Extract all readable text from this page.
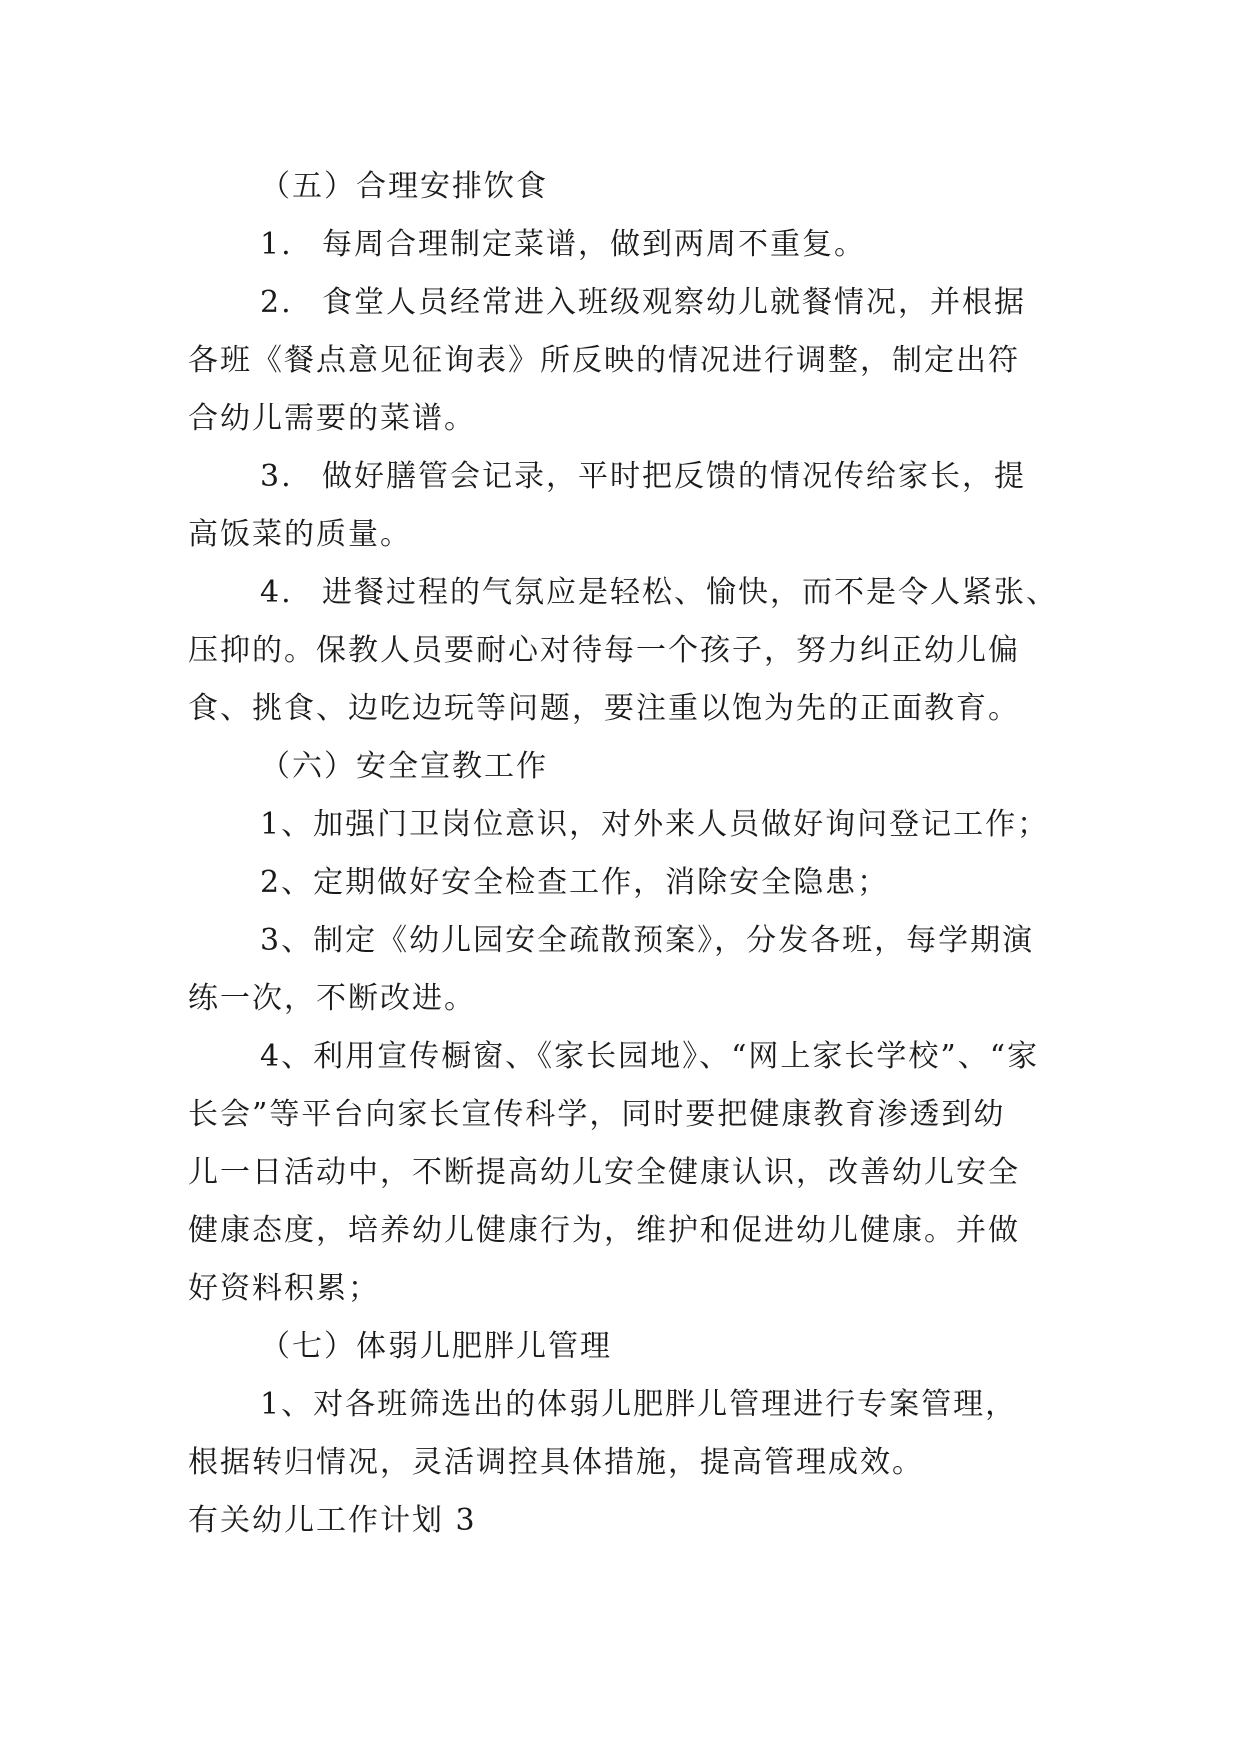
（五）合理安排饮食
1. 每周合理制定菜谱，做到两周不重复。
2. 食堂人员经常进入班级观察幼儿就餐情况，并根据
各班《餐点意见征询表》所反映的情况进行调整，制定出符
合幼儿需要的菜谱。
3. 做好膳管会记录，平时把反馈的情况传给家长，提
高饭菜的质量。
4. 进餐过程的气氛应是轻松、愉快，而不是令人紧张、
压抑的。保教人员要耐心对待每一个孩子，努力纠正幼儿偏
食、挑食、边吃边玩等问题，要注重以饱为先的正面教育。
（六）安全宣教工作
1、加强门卫岗位意识，对外来人员做好询问登记工作；
2、定期做好安全检查工作，消除安全隐患；
3、制定《幼儿园安全疏散预案》，分发各班，每学期演
练一次，不断改进。
4、利用宣传橱窗、《家长园地》、“网上家长学校”、“家
长会”等平台向家长宣传科学，同时要把健康教育渗透到幼
儿一日活动中，不断提高幼儿安全健康认识，改善幼儿安全
健康态度，培养幼儿健康行为，维护和促进幼儿健康。并做
好资料积累；
（七）体弱儿肥胖儿管理
1、对各班筛选出的体弱儿肥胖儿管理进行专案管理，
根据转归情况，灵活调控具体措施，提高管理成效。
有关幼儿工作计划 3
